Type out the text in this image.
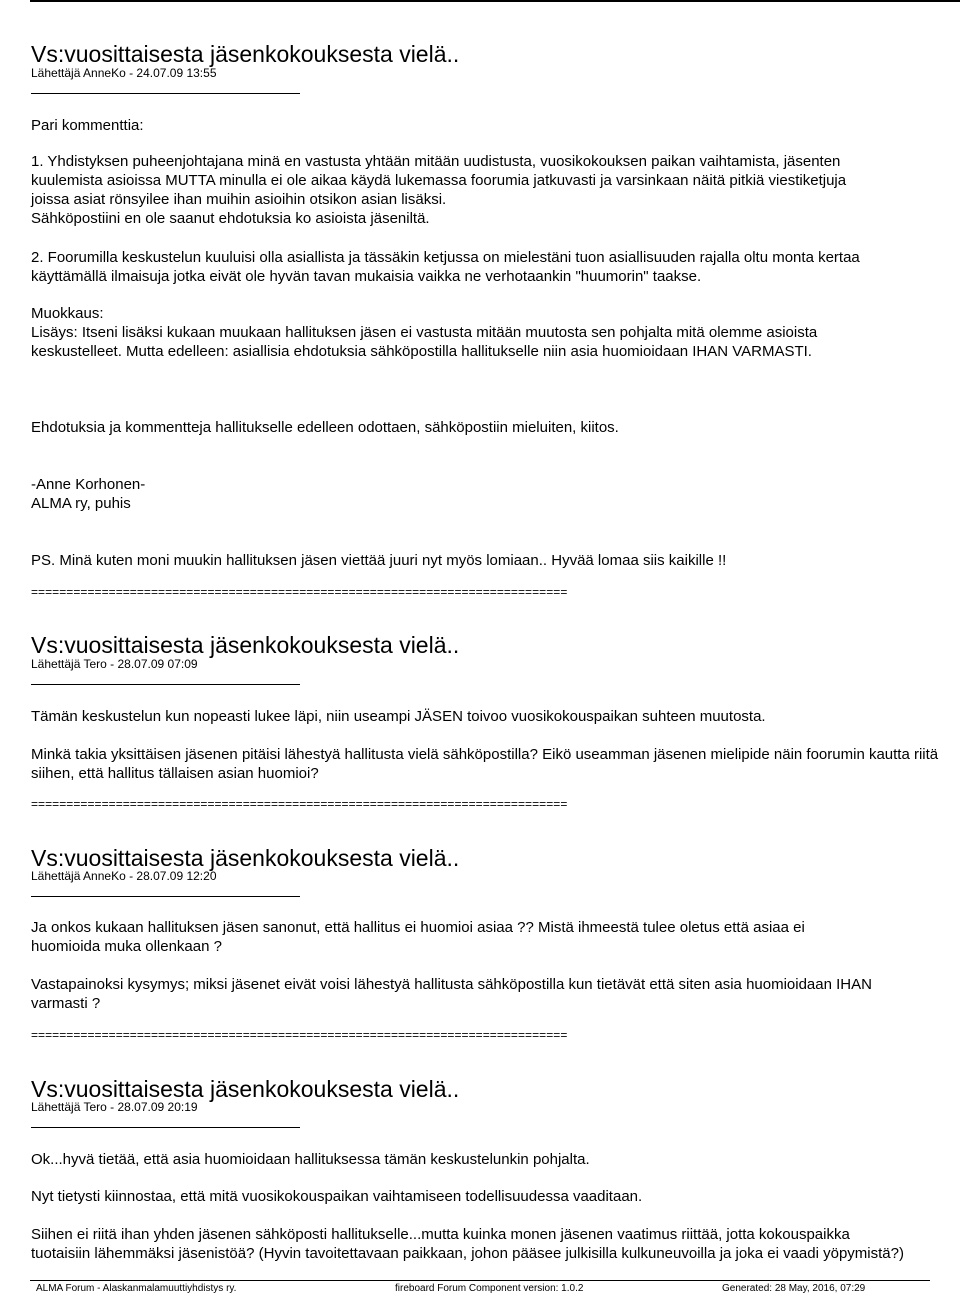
Vs:vuosittaisesta jäsenkokouksesta vielä..
Lähettäjä AnneKo - 24.07.09 13:55
Pari kommenttia:
1. Yhdistyksen puheenjohtajana minä en vastusta yhtään mitään uudistusta, vuosikokouksen paikan vaihtamista, jäsenten
kuulemista asioissa MUTTA minulla ei ole aikaa käydä lukemassa foorumia jatkuvasti ja varsinkaan näitä pitkiä viestiketjuja
joissa asiat rönsyilee ihan muihin asioihin otsikon asian lisäksi.
Sähköpostiini en ole saanut ehdotuksia ko asioista jäseniltä.
2. Foorumilla keskustelun kuuluisi olla asiallista ja tässäkin ketjussa on mielestäni tuon asiallisuuden rajalla oltu monta kertaa
käyttämällä ilmaisuja jotka eivät ole hyvän tavan mukaisia vaikka ne verhotaankin "huumorin" taakse.
Muokkaus:
Lisäys: Itseni lisäksi kukaan muukaan hallituksen jäsen ei vastusta mitään muutosta sen pohjalta mitä olemme asioista
keskustelleet. Mutta edelleen: asiallisia ehdotuksia sähköpostilla hallitukselle niin asia huomioidaan IHAN VARMASTI.
Ehdotuksia ja kommentteja hallitukselle edelleen odottaen, sähköpostiin mieluiten, kiitos.
-Anne Korhonen-
ALMA ry, puhis
PS. Minä kuten moni muukin hallituksen jäsen viettää juuri nyt myös lomiaan.. Hyvää lomaa siis kaikille !!
============================================================================
Vs:vuosittaisesta jäsenkokouksesta vielä..
Lähettäjä Tero - 28.07.09 07:09
Tämän keskustelun kun nopeasti lukee läpi, niin useampi JÄSEN toivoo vuosikokouspaikan suhteen muutosta.
Minkä takia yksittäisen jäsenen pitäisi lähestyä hallitusta vielä sähköpostilla? Eikö useamman jäsenen mielipide näin foorumin kautta riitä
siihen, että hallitus tällaisen asian huomioi?
============================================================================
Vs:vuosittaisesta jäsenkokouksesta vielä..
Lähettäjä AnneKo - 28.07.09 12:20
Ja onkos kukaan hallituksen jäsen sanonut, että hallitus ei huomioi asiaa ?? Mistä ihmeestä tulee oletus että asiaa ei
huomioida muka ollenkaan ?
Vastapainoksi kysymys; miksi jäsenet eivät voisi lähestyä hallitusta sähköpostilla kun tietävät että siten asia huomioidaan IHAN
varmasti ?
============================================================================
Vs:vuosittaisesta jäsenkokouksesta vielä..
Lähettäjä Tero - 28.07.09 20:19
Ok...hyvä tietää, että asia huomioidaan hallituksessa tämän keskustelunkin pohjalta.
Nyt tietysti kiinnostaa, että mitä vuosikokouspaikan vaihtamiseen todellisuudessa vaaditaan.
Siihen ei riitä ihan yhden jäsenen sähköposti hallitukselle...mutta kuinka monen jäsenen vaatimus riittää, jotta kokouspaikka
tuotaisiin lähemmäksi jäsenistöä? (Hyvin tavoitettavaan paikkaan, johon pääsee julkisilla kulkuneuvoilla ja joka ei vaadi yöpymistä?)
ALMA Forum - Alaskanmalamuuttiyhdistys ry.	fireboard Forum Component version: 1.0.2	Generated: 28 May, 2016, 07:29
